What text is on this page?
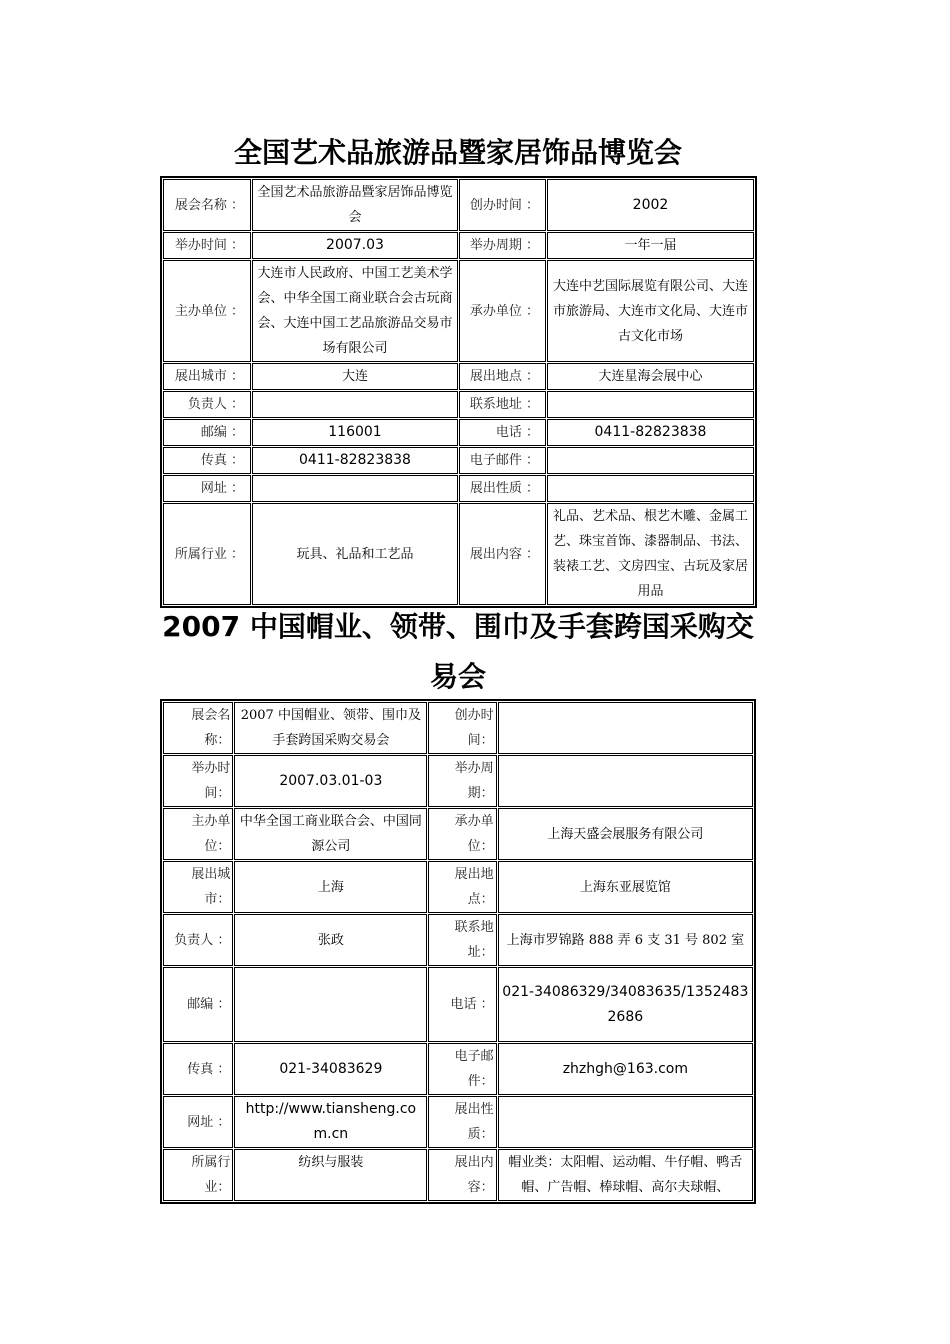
全国艺术品旅游品暨家居饰品博览会
展会名称 ：	全国艺术品旅游品暨家居饰品博览会	创办时间 ：	2002
举办时间 ：	2007.03	举办周期 ：	一年一届
主办单位 ：	大连市人民政府、中国工艺美术学会、中华全国工商业联合会古玩商会、大连中国工艺品旅游品交易市场有限公司	承办单位 ：	大连中艺国际展览有限公司、大连市旅游局、大连市文化局、大连市古文化市场
展出城市 ：	大连	展出地点 ：	大连星海会展中心
负责人 ：		联系地址 ：	
邮编 ：	116001	电话 ：	0411-82823838
传真 ：	0411-82823838	电子邮件 ：	
网址 ：		展出性质 ：	
所属行业 ：	玩具、礼品和工艺品	展出内容 ：	礼品、艺术品、根艺木雕、金属工艺、珠宝首饰、漆器制品、书法、装裱工艺、文房四宝、古玩及家居用品
2007 中国帽业、领带、围巾及手套跨国采购交易会
展会名称：	2007 中国帽业、领带、围巾及手套跨国采购交易会	创办时间：	
举办时间：	2007.03.01-03	举办周期：	
主办单位：	中华全国工商业联合会、中国同源公司	承办单位：	上海天盛会展服务有限公司
展出城市：	上海	展出地点：	上海东亚展览馆
负责人 ：	张政	联系地址：	上海市罗锦路 888 弄 6 支 31 号 802 室
邮编 ：		电话 ：	021-34086329/34083635/13524832686
传真 ：	021-34083629	电子邮件：	zhzhgh@163.com
网址 ：	http://www.tiansheng.com.cn	展出性质：	
所属行业：	纺织与服装	展出内容：	帽业类：太阳帽、运动帽、牛仔帽、鸭舌帽、广告帽、棒球帽、高尔夫球帽、
